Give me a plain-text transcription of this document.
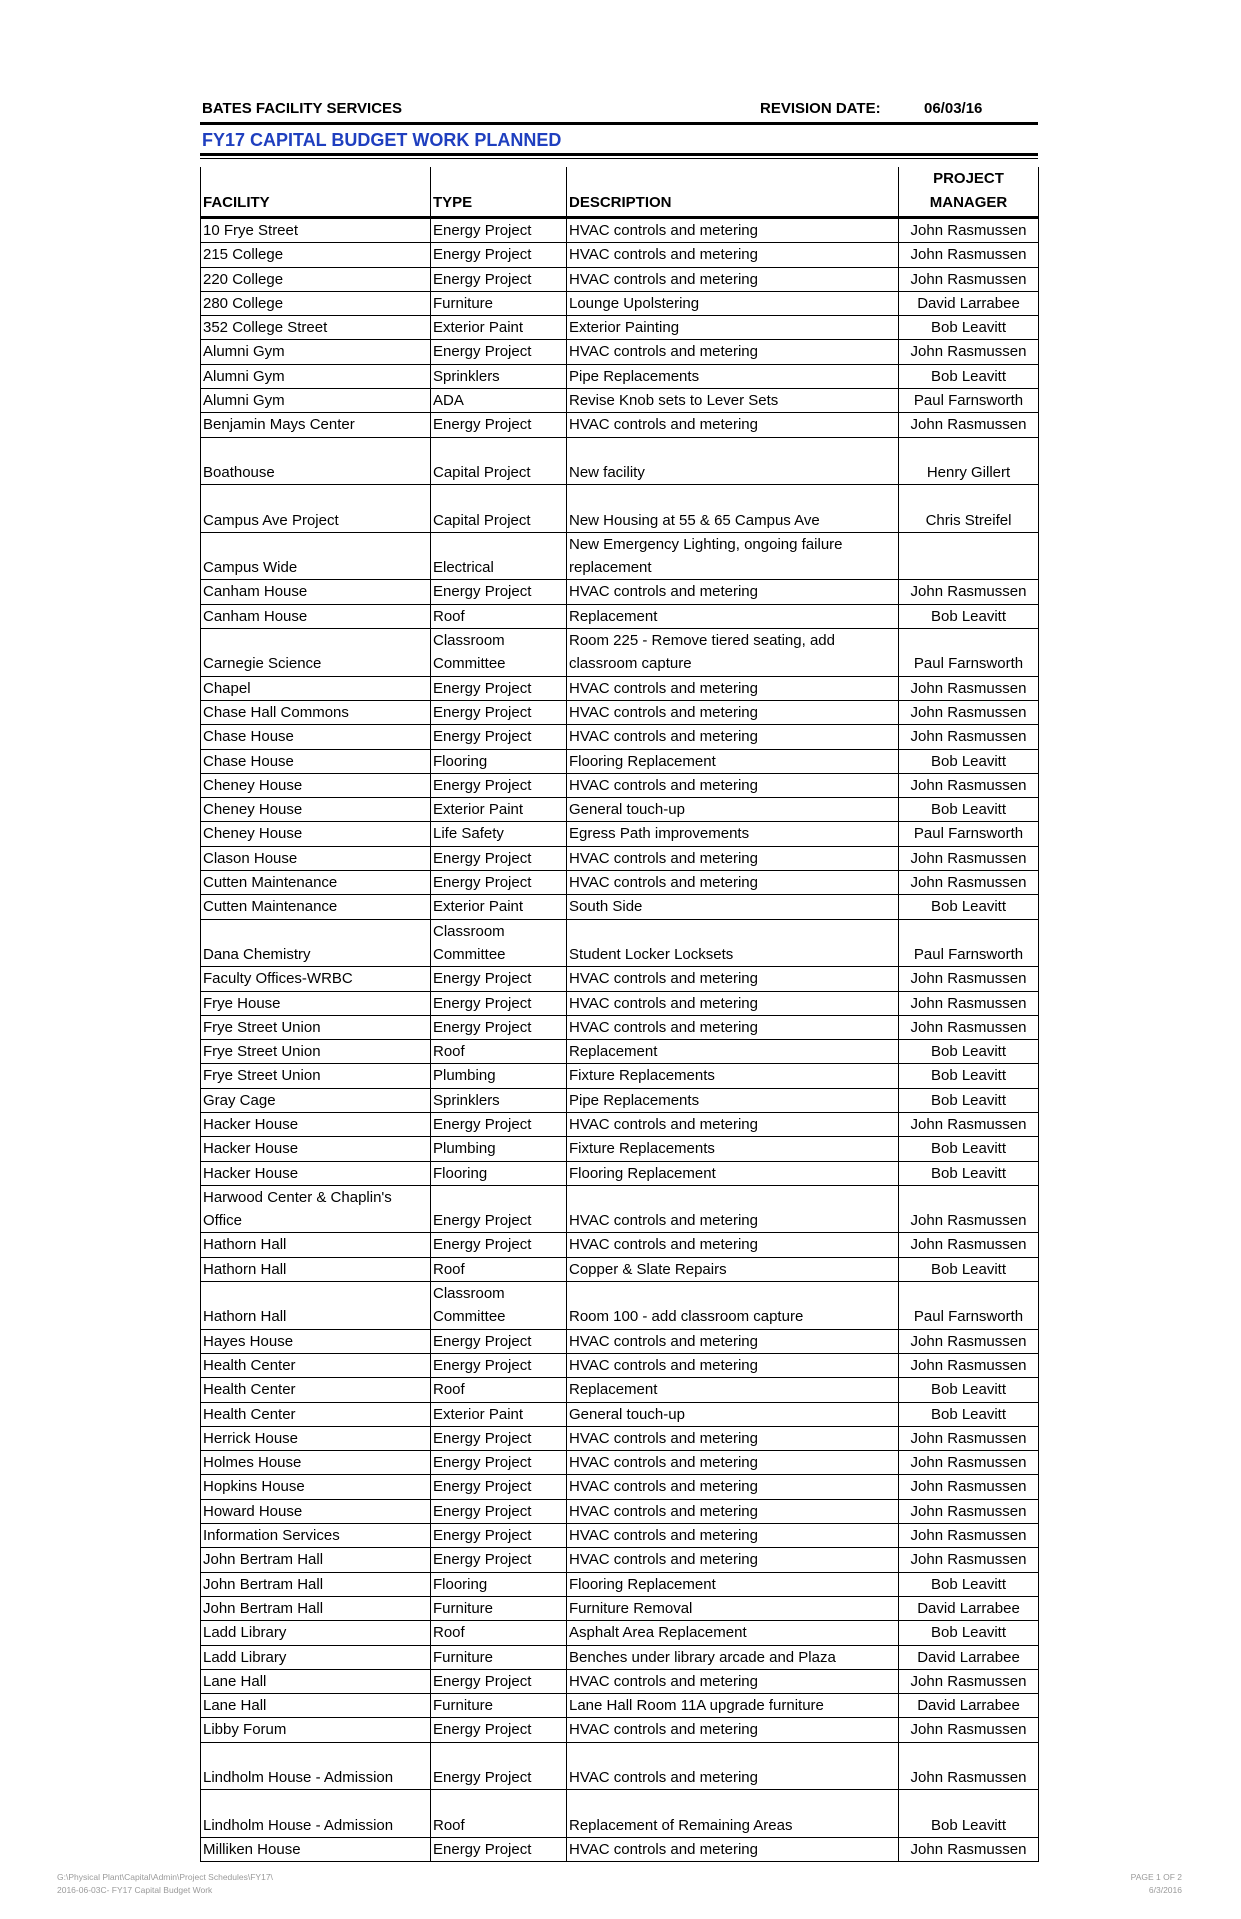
BATES FACILITY SERVICES	REVISION DATE:	06/03/16
FY17 CAPITAL BUDGET WORK PLANNED
FACILITY	TYPE	DESCRIPTION	PROJECT MANAGER
10 Frye Street	Energy Project	HVAC controls and metering	John Rasmussen
215 College	Energy Project	HVAC controls and metering	John Rasmussen
220 College	Energy Project	HVAC controls and metering	John Rasmussen
280 College	Furniture	Lounge Upolstering	David Larrabee
352 College Street	Exterior Paint	Exterior Painting	Bob Leavitt
Alumni Gym	Energy Project	HVAC controls and metering	John Rasmussen
Alumni Gym	Sprinklers	Pipe Replacements	Bob Leavitt
Alumni Gym	ADA	Revise Knob sets to Lever Sets	Paul Farnsworth
Benjamin Mays Center	Energy Project	HVAC controls and metering	John Rasmussen
Boathouse	Capital Project	New facility	Henry Gillert
Campus Ave Project	Capital Project	New Housing at 55 & 65 Campus Ave	Chris Streifel
Campus Wide	Electrical	New Emergency Lighting, ongoing failure replacement	
Canham House	Energy Project	HVAC controls and metering	John Rasmussen
Canham House	Roof	Replacement	Bob Leavitt
Carnegie Science	Classroom Committee	Room 225 - Remove tiered seating, add classroom capture	Paul Farnsworth
Chapel	Energy Project	HVAC controls and metering	John Rasmussen
Chase Hall Commons	Energy Project	HVAC controls and metering	John Rasmussen
Chase House	Energy Project	HVAC controls and metering	John Rasmussen
Chase House	Flooring	Flooring Replacement	Bob Leavitt
Cheney House	Energy Project	HVAC controls and metering	John Rasmussen
Cheney House	Exterior Paint	General touch-up	Bob Leavitt
Cheney House	Life Safety	Egress Path improvements	Paul Farnsworth
Clason House	Energy Project	HVAC controls and metering	John Rasmussen
Cutten Maintenance	Energy Project	HVAC controls and metering	John Rasmussen
Cutten Maintenance	Exterior Paint	South Side	Bob Leavitt
Dana Chemistry	Classroom Committee	Student Locker Locksets	Paul Farnsworth
Faculty Offices-WRBC	Energy Project	HVAC controls and metering	John Rasmussen
Frye House	Energy Project	HVAC controls and metering	John Rasmussen
Frye Street Union	Energy Project	HVAC controls and metering	John Rasmussen
Frye Street Union	Roof	Replacement	Bob Leavitt
Frye Street Union	Plumbing	Fixture Replacements	Bob Leavitt
Gray Cage	Sprinklers	Pipe Replacements	Bob Leavitt
Hacker House	Energy Project	HVAC controls and metering	John Rasmussen
Hacker House	Plumbing	Fixture Replacements	Bob Leavitt
Hacker House	Flooring	Flooring Replacement	Bob Leavitt
Harwood Center & Chaplin's Office	Energy Project	HVAC controls and metering	John Rasmussen
Hathorn Hall	Energy Project	HVAC controls and metering	John Rasmussen
Hathorn Hall	Roof	Copper & Slate Repairs	Bob Leavitt
Hathorn Hall	Classroom Committee	Room 100 - add classroom capture	Paul Farnsworth
Hayes House	Energy Project	HVAC controls and metering	John Rasmussen
Health Center	Energy Project	HVAC controls and metering	John Rasmussen
Health Center	Roof	Replacement	Bob Leavitt
Health Center	Exterior Paint	General touch-up	Bob Leavitt
Herrick House	Energy Project	HVAC controls and metering	John Rasmussen
Holmes House	Energy Project	HVAC controls and metering	John Rasmussen
Hopkins House	Energy Project	HVAC controls and metering	John Rasmussen
Howard House	Energy Project	HVAC controls and metering	John Rasmussen
Information Services	Energy Project	HVAC controls and metering	John Rasmussen
John Bertram Hall	Energy Project	HVAC controls and metering	John Rasmussen
John Bertram Hall	Flooring	Flooring Replacement	Bob Leavitt
John Bertram Hall	Furniture	Furniture Removal	David Larrabee
Ladd Library	Roof	Asphalt Area Replacement	Bob Leavitt
Ladd Library	Furniture	Benches under library arcade and Plaza	David Larrabee
Lane Hall	Energy Project	HVAC controls and metering	John Rasmussen
Lane Hall	Furniture	Lane Hall Room 11A upgrade furniture	David Larrabee
Libby Forum	Energy Project	HVAC controls and metering	John Rasmussen
Lindholm House - Admission	Energy Project	HVAC controls and metering	John Rasmussen
Lindholm House - Admission	Roof	Replacement of Remaining Areas	Bob Leavitt
Milliken House	Energy Project	HVAC controls and metering	John Rasmussen
G:\Physical Plant\Capital\Admin\Project Schedules\FY17\
2016-06-03C- FY17 Capital Budget Work
PAGE 1 OF 2
6/3/2016
